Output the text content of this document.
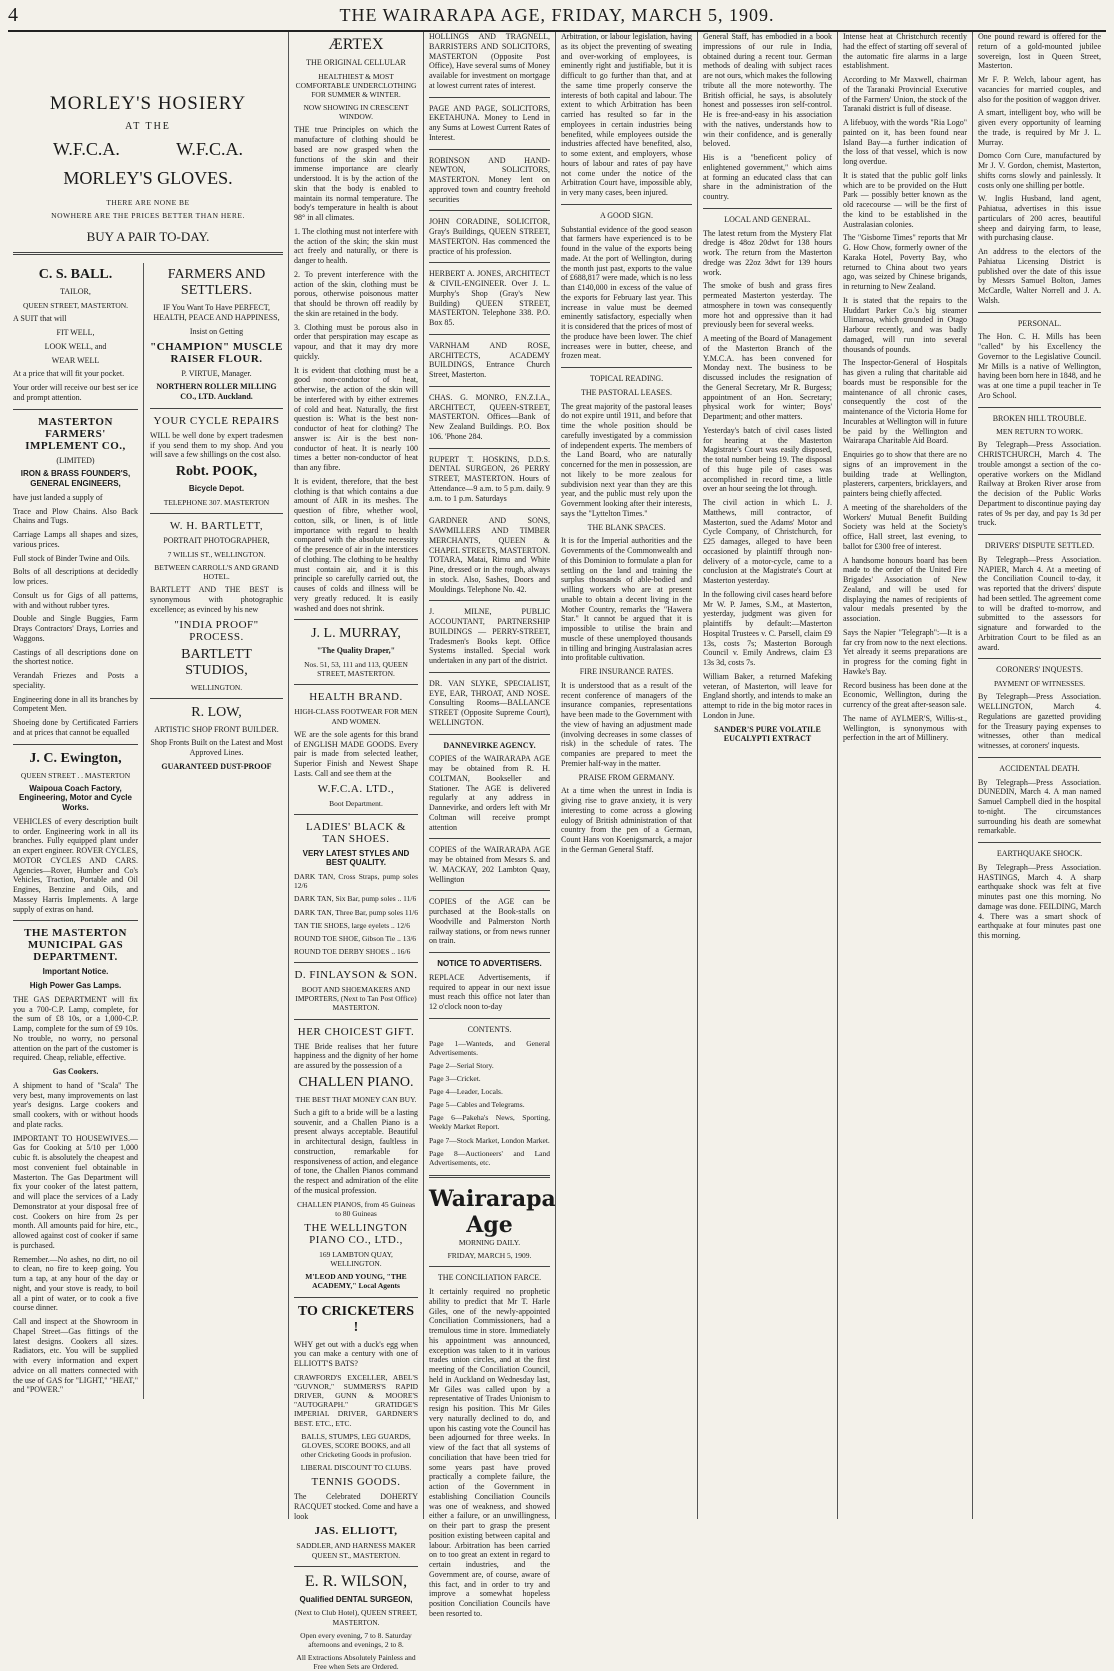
4	THE WAIRARAPA AGE, FRIDAY, MARCH 5, 1909.

MORLEY'S HOSIERY

AT THE

W.F.C.A.	W.F.C.A.

MORLEY'S GLOVES.

THERE ARE NONE BE

NOWHERE ARE THE PRICES BETTER THAN HERE.

BUY A PAIR TO-DAY.

C. S. BALL.

TAILOR,

QUEEN STREET, MASTERTON.

A SUIT that will

FIT WELL,

LOOK WELL, and

WEAR WELL

At a price that will fit your pocket.

Your order will receive our best ser ice and prompt attention.

MASTERTON FARMERS' IMPLEMENT CO.,

(LIMITED)

IRON & BRASS FOUNDER'S, GENERAL ENGINEERS,

have just landed a supply of

Trace and Plow Chains. Also Back Chains and Tugs.

Carriage Lamps all shapes and sizes, various prices.

Full stock of Binder Twine and Oils.

Bolts of all descriptions at decidedly low prices.

Consult us for Gigs of all patterns, with and without rubber tyres.

Double and Single Buggies, Farm Drays Contractors' Drays, Lorries and Waggons.

Castings of all descriptions done on the shortest notice.

Verandah Friezes and Posts a speciality.

Engineering done in all its branches by Competent Men.

Shoeing done by Certificated Farriers and at prices that cannot be equalled

J. C. Ewington,

QUEEN STREET . . MASTERTON

Waipoua Coach Factory, Engineering, Motor and Cycle Works.

VEHICLES of every description built to order. Engineering work in all its branches. Fully equipped plant under an expert engineer. ROVER CYCLES, MOTOR CYCLES AND CARS. Agencies—Rover, Humber and Co's Vehicles, Traction, Portable and Oil Engines, Benzine and Oils, and Massey Harris Implements. A large supply of extras on hand.

THE MASTERTON MUNICIPAL GAS DEPARTMENT.

Important Notice.

High Power Gas Lamps.

THE GAS DEPARTMENT will fix you a 700-C.P. Lamp, complete, for the sum of £8 10s, or a 1,000-C.P. Lamp, complete for the sum of £9 10s. No trouble, no worry, no personal attention on the part of the customer is required. Cheap, reliable, effective.

Gas Cookers.

A shipment to hand of "Scala" The very best, many improvements on last year's designs. Large cookers and small cookers, with or without hoods and plate racks.

IMPORTANT TO HOUSEWIVES.—Gas for Cooking at 5/10 per 1,000 cubic ft. is absolutely the cheapest and most convenient fuel obtainable in Masterton. The Gas Department will fix your cooker of the latest pattern, and will place the services of a Lady Demonstrator at your disposal free of cost. Cookers on hire from 2s per month. All amounts paid for hire, etc., allowed against cost of cooker if same is purchased.

Remember.—No ashes, no dirt, no oil to clean, no fire to keep going. You turn a tap, at any hour of the day or night, and your stove is ready, to boil all a pint of water, or to cook a five course dinner.

Call and inspect at the Showroom in Chapel Street—Gas fittings of the latest designs. Cookers all sizes. Radiators, etc. You will be supplied with every information and expert advice on all matters connected with the use of GAS for "LIGHT," "HEAT," and "POWER."

FARMERS AND SETTLERS.

IF You Want To Have PERFECT, HEALTH, PEACE AND HAPPINESS,

Insist on Getting

"CHAMPION" MUSCLE RAISER FLOUR.

P. VIRTUE, Manager.

NORTHERN ROLLER MILLING CO., LTD. Auckland.

YOUR CYCLE REPAIRS

WILL be well done by expert tradesmen if you send them to my shop. And you will save a few shillings on the cost also.

Robt. POOK,

Bicycle Depot.

TELEPHONE 307. MASTERTON

W. H. BARTLETT,

PORTRAIT PHOTOGRAPHER,

7 WILLIS ST., WELLINGTON.

BETWEEN CARROLL'S AND GRAND HOTEL.

BARTLETT AND THE BEST is synonymous with photographic excellence; as evinced by his new

"INDIA PROOF" PROCESS.
BARTLETT STUDIOS,

WELLINGTON.

R. LOW,

ARTISTIC SHOP FRONT BUILDER.

Shop Fronts Built on the Latest and Most Approved Lines.

GUARANTEED DUST-PROOF

ÆRTEX

THE ORIGINAL CELLULAR

HEALTHIEST & MOST COMFORTABLE UNDERCLOTHING FOR SUMMER & WINTER.

NOW SHOWING IN CRESCENT WINDOW.

THE true Principles on which the manufacture of clothing should be based are now grasped when the functions of the skin and their immense importance are clearly understood. It is by the action of the skin that the body is enabled to maintain its normal temperature. The body's temperature in health is about 98° in all climates.

1. The clothing must not interfere with the action of the skin; the skin must act freely and naturally, or there is danger to health.

2. To prevent interference with the action of the skin, clothing must be porous, otherwise poisonous matter that should be thrown off readily by the skin are retained in the body.

3. Clothing must be porous also in order that perspiration may escape as vapour, and that it may dry more quickly.

It is evident that clothing must be a good non-conductor of heat, otherwise, the action of the skin will be interfered with by either extremes of cold and heat. Naturally, the first question is: What is the best non-conductor of heat for clothing? The answer is: Air is the best non-conductor of heat. It is nearly 100 times a better non-conductor of heat than any fibre.

It is evident, therefore, that the best clothing is that which contains a due amount of AIR in its meshes. The question of fibre, whether wool, cotton, silk, or linen, is of little importance with regard to health compared with the absolute necessity of the presence of air in the interstices of clothing. The clothing to be healthy must contain air, and it is this principle so carefully carried out, the causes of colds and illness will be very greatly reduced. It is easily washed and does not shrink.

J. L. MURRAY,

"The Quality Draper,"

Nos. 51, 53, 111 and 113, QUEEN STREET, MASTERTON.

HEALTH BRAND.

HIGH-CLASS FOOTWEAR FOR MEN AND WOMEN.

WE are the sole agents for this brand of ENGLISH MADE GOODS. Every pair is made from selected leather, Superior Finish and Newest Shape Lasts. Call and see them at the

W.F.C.A. LTD.,

Boot Department.

LADIES' BLACK & TAN SHOES.

VERY LATEST STYLES AND BEST QUALITY.

DARK TAN, Cross Straps, pump soles 12/6

DARK TAN, Six Bar, pump soles .. 11/6

DARK TAN, Three Bar, pump soles 11/6

TAN TIE SHOES, large eyelets .. 12/6

ROUND TOE SHOE, Gibson Tie .. 13/6

ROUND TOE DERBY SHOES .. 16/6

D. FINLAYSON & SON.

BOOT AND SHOEMAKERS AND IMPORTERS, (Next to Tan Post Office) MASTERTON.

HER CHOICEST GIFT.

THE Bride realises that her future happiness and the dignity of her home are assured by the possession of a

CHALLEN PIANO.

THE BEST THAT MONEY CAN BUY.

Such a gift to a bride will be a lasting souvenir, and a Challen Piano is a present always acceptable. Beautiful in architectural design, faultless in construction, remarkable for responsiveness of action, and elegance of tone, the Challen Pianos command the respect and admiration of the elite of the musical profession.

CHALLEN PIANOS, from 45 Guineas to 80 Guineas

THE WELLINGTON PIANO CO., LTD.,

169 LAMBTON QUAY, WELLINGTON.

M'LEOD AND YOUNG, "THE ACADEMY," Local Agents

TO CRICKETERS !

WHY get out with a duck's egg when you can make a century with one of ELLIOTT'S BATS?

CRAWFORD'S EXCELLER, ABEL'S "GUVNOR," SUMMERS'S RAPID DRIVER, GUNN & MOORE'S "AUTOGRAPH." GRATIDGE'S IMPERIAL DRIVER, GARDNER'S BEST. ETC., ETC.

BALLS, STUMPS, LEG GUARDS, GLOVES, SCORE BOOKS, and all other Cricketing Goods in profusion.

LIBERAL DISCOUNT TO CLUBS.

TENNIS GOODS.

The Celebrated DOHERTY RACQUET stocked. Come and have a look

JAS. ELLIOTT,

SADDLER, AND HARNESS MAKER QUEEN ST., MASTERTON.

E. R. WILSON,

Qualified DENTAL SURGEON,

(Next to Club Hotel), QUEEN STREET, MASTERTON.

Open every evening, 7 to 8. Saturday afternoons and evenings, 2 to 8.

All Extractions Absolutely Painless and Free when Sets are Ordered.

HOLLINGS AND TRAGNELL, BARRISTERS AND SOLICITORS, MASTERTON (Opposite Post Office), Have several sums of Money available for investment on mortgage at lowest current rates of interest.

PAGE AND PAGE, SOLICITORS, EKETAHUNA. Money to Lend in any Sums at Lowest Current Rates of Interest.

ROBINSON AND HAND-NEWTON, SOLICITORS, MASTERTON. Money lent on approved town and country freehold securities

JOHN CORADINE, SOLICITOR, Gray's Buildings, QUEEN STREET, MASTERTON. Has commenced the practice of his profession.

HERBERT A. JONES, ARCHITECT & CIVIL-ENGINEER. Over J. L. Murphy's Shop (Gray's New Building) QUEEN STREET, MASTERTON. Telephone 338. P.O. Box 85.

VARNHAM AND ROSE, ARCHITECTS, ACADEMY BUILDINGS, Entrance Church Street, Masterton.

CHAS. G. MONRO, F.N.Z.I.A., ARCHITECT, QUEEN-STREET, MASTERTON. Offices—Bank of New Zealand Buildings. P.O. Box 106. 'Phone 284.

RUPERT T. HOSKINS, D.D.S. DENTAL SURGEON, 26 PERRY STREET, MASTERTON. Hours of Attendance—9 a.m. to 5 p.m. daily. 9 a.m. to 1 p.m. Saturdays

GARDNER AND SONS, SAWMILLERS AND TIMBER MERCHANTS, QUEEN & CHAPEL STREETS, MASTERTON. TOTARA, Matai, Rimu and White Pine, dressed or in the rough, always in stock. Also, Sashes, Doors and Mouldings. Telephone No. 42.

J. MILNE, PUBLIC ACCOUNTANT, PARTNERSHIP BUILDINGS — PERRY-STREET, Tradesmen's Books kept. Office Systems installed. Special work undertaken in any part of the district.

DR. VAN SLYKE, SPECIALIST, EYE, EAR, THROAT, AND NOSE. Consulting Rooms—BALLANCE STREET (Opposite Supreme Court), WELLINGTON.

DANNEVIRKE AGENCY.

COPIES of the WAIRARAPA AGE may be obtained from R. H. COLTMAN, Bookseller and Stationer. The AGE is delivered regularly at any address in Dannevirke, and orders left with Mr Coltman will receive prompt attention

COPIES of the WAIRARAPA AGE may be obtained from Messrs S. and W. MACKAY, 202 Lambton Quay, Wellington

COPIES of the AGE can be purchased at the Book-stalls on Woodville and Palmerston North railway stations, or from news runner on train.

NOTICE TO ADVERTISERS.

REPLACE Advertisements, if required to appear in our next issue must reach this office not later than 12 o'clock noon to-day

CONTENTS.

Page 1—Wanteds, and General Advertisements.

Page 2—Serial Story.

Page 3—Cricket.

Page 4—Leader, Locals.

Page 5—Cables and Telegrams.

Page 6—Pakeha's News, Sporting, Weekly Market Report.

Page 7—Stock Market, London Market.

Page 8—Auctioneers' and Land Advertisements, etc.

Wairarapa Age

MORNING DAILY.

FRIDAY, MARCH 5, 1909.

THE CONCILIATION FARCE.

It certainly required no prophetic ability to predict that Mr T. Harle Giles, one of the newly-appointed Conciliation Commissioners, had a tremulous time in store. Immediately his appointment was announced, exception was taken to it in various trades union circles, and at the first meeting of the Conciliation Council, held in Auckland on Wednesday last, Mr Giles was called upon by a representative of Trades Unionism to resign his position. This Mr Giles very naturally declined to do, and upon his casting vote the Council has been adjourned for three weeks. In view of the fact that all systems of conciliation that have been tried for some years past have proved practically a complete failure, the action of the Government in establishing Conciliation Councils was one of weakness, and showed either a failure, or an unwillingness, on their part to grasp the present position existing between capital and labour. Arbitration has been carried on to too great an extent in regard to certain industries, and the Government are, of course, aware of this fact, and in order to try and improve a somewhat hopeless position Conciliation Councils have been resorted to.

Arbitration, or labour legislation, having as its object the preventing of sweating and over-working of employees, is eminently right and justifiable, but it is difficult to go further than that, and at the same time properly conserve the interests of both capital and labour. The extent to which Arbitration has been carried has resulted so far in the employees in certain industries being benefited, while employees outside the industries affected have benefited, also, to some extent, and employers, whose hours of labour and rates of pay have not come under the notice of the Arbitration Court have, impossible ably, in very many cases, been injured.

A GOOD SIGN.

Substantial evidence of the good season that farmers have experienced is to be found in the value of the exports being made. At the port of Wellington, during the month just past, exports to the value of £688,817 were made, which is no less than £140,000 in excess of the value of the exports for February last year. This increase in value must be deemed eminently satisfactory, especially when it is considered that the prices of most of the produce have been lower. The chief increases were in butter, cheese, and frozen meat.

TOPICAL READING.

THE PASTORAL LEASES.

The great majority of the pastoral leases do not expire until 1911, and before that time the whole position should be carefully investigated by a commission of independent experts. The members of the Land Board, who are naturally concerned for the men in possession, are not likely to be more zealous for subdivision next year than they are this year, and the public must rely upon the Government looking after their interests, says the "Lyttelton Times."

THE BLANK SPACES.

It is for the Imperial authorities and the Governments of the Commonwealth and of this Dominion to formulate a plan for settling on the land and training the surplus thousands of able-bodied and willing workers who are at present unable to obtain a decent living in the Mother Country, remarks the "Hawera Star." It cannot be argued that it is impossible to utilise the brain and muscle of these unemployed thousands in tilling and bringing Australasian acres into profitable cultivation.

FIRE INSURANCE RATES.

It is understood that as a result of the recent conference of managers of the insurance companies, representations have been made to the Government with the view of having an adjustment made (involving decreases in some classes of risk) in the schedule of rates. The companies are prepared to meet the Premier half-way in the matter.

PRAISE FROM GERMANY.

At a time when the unrest in India is giving rise to grave anxiety, it is very interesting to come across a glowing eulogy of British administration of that country from the pen of a German, Count Hans von Koenigsmarck, a major in the German General Staff.

General Staff, has embodied in a book impressions of our rule in India, obtained during a recent tour. German methods of dealing with subject races are not ours, which makes the following tribute all the more noteworthy. The British official, he says, is absolutely honest and possesses iron self-control. He is free-and-easy in his association with the natives, understands how to win their confidence, and is generally beloved.

His is a "beneficent policy of enlightened government," which aims at forming an educated class that can share in the administration of the country.

LOCAL AND GENERAL.

The latest return from the Mystery Flat dredge is 48oz 20dwt for 138 hours work. The return from the Masterton dredge was 22oz 3dwt for 139 hours work.

The smoke of bush and grass fires permeated Masterton yesterday. The atmosphere in town was consequently more hot and oppressive than it had previously been for several weeks.

A meeting of the Board of Management of the Masterton Branch of the Y.M.C.A. has been convened for Monday next. The business to be discussed includes the resignation of the General Secretary, Mr R. Burgess; appointment of an Hon. Secretary; physical work for winter; Boys' Department; and other matters.

Yesterday's batch of civil cases listed for hearing at the Masterton Magistrate's Court was easily disposed, the total number being 19. The disposal of this huge pile of cases was accomplished in record time, a little over an hour seeing the lot through.

The civil action in which L. J. Matthews, mill contractor, of Masterton, sued the Adams' Motor and Cycle Company, of Christchurch, for £25 damages, alleged to have been occasioned by plaintiff through non-delivery of a motor-cycle, came to a conclusion at the Magistrate's Court at Masterton yesterday.

In the following civil cases heard before Mr W. P. James, S.M., at Masterton, yesterday, judgment was given for plaintiffs by default:—Masterton Hospital Trustees v. C. Parsell, claim £9 13s, costs 7s; Masterton Borough Council v. Emily Andrews, claim £3 13s 3d, costs 7s.

William Baker, a returned Mafeking veteran, of Masterton, will leave for England shortly, and intends to make an attempt to ride in the big motor races in London in June.

SANDER'S PURE VOLATILE EUCALYPTI EXTRACT

Intense heat at Christchurch recently had the effect of starting off several of the automatic fire alarms in a large establishment.

According to Mr Maxwell, chairman of the Taranaki Provincial Executive of the Farmers' Union, the stock of the Taranaki district is full of disease.

A lifebuoy, with the words "Ria Logo" painted on it, has been found near Island Bay—a further indication of the loss of that vessel, which is now long overdue.

It is stated that the public golf links which are to be provided on the Hutt Park — possibly better known as the old racecourse — will be the first of the kind to be established in the Australasian colonies.

The "Gisborne Times" reports that Mr G. How Chow, formerly owner of the Karaka Hotel, Poverty Bay, who returned to China about two years ago, was seized by Chinese brigands, in returning to New Zealand.

It is stated that the repairs to the Huddart Parker Co.'s big steamer Ulimaroa, which grounded in Otago Harbour recently, and was badly damaged, will run into several thousands of pounds.

The Inspector-General of Hospitals has given a ruling that charitable aid boards must be responsible for the maintenance of all chronic cases, consequently the cost of the maintenance of the Victoria Home for Incurables at Wellington will in future be paid by the Wellington and Wairarapa Charitable Aid Board.

Enquiries go to show that there are no signs of an improvement in the building trade at Wellington, plasterers, carpenters, bricklayers, and painters being chiefly affected.

A meeting of the shareholders of the Workers' Mutual Benefit Building Society was held at the Society's office, Hall street, last evening, to ballot for £300 free of interest.

A handsome honours board has been made to the order of the United Fire Brigades' Association of New Zealand, and will be used for displaying the names of recipients of valour medals presented by the association.

Says the Napier "Telegraph":—It is a far cry from now to the next elections. Yet already it seems preparations are in progress for the coming fight in Hawke's Bay.

Record business has been done at the Economic, Wellington, during the currency of the great after-season sale.

The name of AYLMER'S, Willis-st., Wellington, is synonymous with perfection in the art of Millinery.

One pound reward is offered for the return of a gold-mounted jubilee sovereign, lost in Queen Street, Masterton.

Mr F. P. Welch, labour agent, has vacancies for married couples, and also for the position of waggon driver.

A smart, intelligent boy, who will be given every opportunity of learning the trade, is required by Mr J. L. Murray.

Domco Corn Cure, manufactured by Mr J. V. Gordon, chemist, Masterton, shifts corns slowly and painlessly. It costs only one shilling per bottle.

W. Inglis Husband, land agent, Pahiatua, advertises in this issue particulars of 200 acres, beautiful sheep and dairying farm, to lease, with purchasing clause.

An address to the electors of the Pahiatua Licensing District is published over the date of this issue by Messrs Samuel Bolton, James McCardle, Walter Norrell and J. A. Walsh.

PERSONAL.

The Hon. C. H. Mills has been "called" by his Excellency the Governor to the Legislative Council. Mr Mills is a native of Wellington, having been born here in 1848, and he was at one time a pupil teacher in Te Aro School.

BROKEN HILL TROUBLE.

MEN RETURN TO WORK.

By Telegraph—Press Association. CHRISTCHURCH, March 4. The trouble amongst a section of the co-operative workers on the Midland Railway at Broken River arose from the decision of the Public Works Department to discontinue paying day rates of 9s per day, and pay 1s 3d per truck.

DRIVERS' DISPUTE SETTLED.

By Telegraph—Press Association. NAPIER, March 4. At a meeting of the Conciliation Council to-day, it was reported that the drivers' dispute had been settled. The agreement come to will be drafted to-morrow, and submitted to the assessors for signature and forwarded to the Arbitration Court to be filed as an award.

CORONERS' INQUESTS.

PAYMENT OF WITNESSES.

By Telegraph—Press Association. WELLINGTON, March 4. Regulations are gazetted providing for the Treasury paying expenses to witnesses, other than medical witnesses, at coroners' inquests.

ACCIDENTAL DEATH.

By Telegraph—Press Association. DUNEDIN, March 4. A man named Samuel Campbell died in the hospital to-night. The circumstances surrounding his death are somewhat remarkable.

EARTHQUAKE SHOCK.

By Telegraph—Press Association. HASTINGS, March 4. A sharp earthquake shock was felt at five minutes past one this morning. No damage was done. FEILDING, March 4. There was a smart shock of earthquake at four minutes past one this morning.
